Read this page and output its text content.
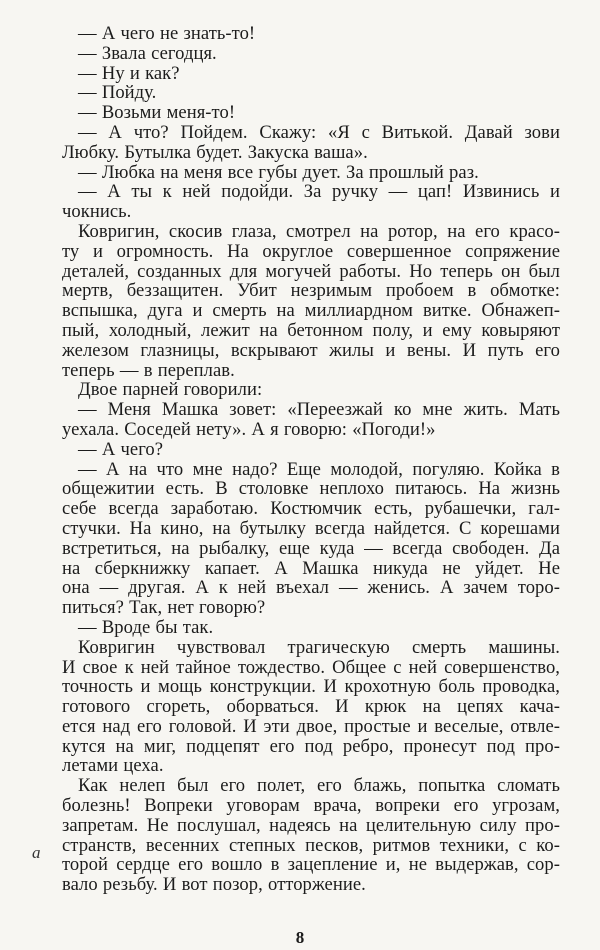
— А чего не знать-то!
— Звала сегодця.
— Ну и как?
— Пойду.
— Возьми меня-то!
— А что? Пойдем. Скажу: «Я с Витькой. Давай зови
Любку. Бутылка будет. Закуска ваша».
— Любка на меня все губы дует. За прошлый раз.
— А ты к ней подойди. За ручку — цап! Извинись и
чокнись.
Ковригин, скосив глаза, смотрел на ротор, на его красо-
ту и огромность. На округлое совершенное сопряжение
деталей, созданных для могучей работы. Но теперь он был
мертв, беззащитен. Убит незримым пробоем в обмотке:
вспышка, дуга и смерть на миллиардном витке. Обнажеп-
пый, холодный, лежит на бетонном полу, и ему ковыряют
железом глазницы, вскрывают жилы и вены. И путь его
теперь — в переплав.
Двое парней говорили:
— Меня Машка зовет: «Переезжай ко мне жить. Мать
уехала. Соседей нету». А я говорю: «Погоди!»
— А чего?
— А на что мне надо? Еще молодой, погуляю. Койка в
общежитии есть. В столовке неплохо питаюсь. На жизнь
себе всегда заработаю. Костюмчик есть, рубашечки, гал-
стучки. На кино, на бутылку всегда найдется. С корешами
встретиться, на рыбалку, еще куда — всегда свободен. Да
на сберкнижку капает. А Машка никуда не уйдет. Не
она — другая. А к ней въехал — женись. А зачем торо-
питься? Так, нет говорю?
— Вроде бы так.
Ковригин чувствовал трагическую смерть машины.
И свое к ней тайное тождество. Общее с ней совершенство,
точность и мощь конструкции. И крохотную боль проводка,
готового сгореть, оборваться. И крюк на цепях кача-
ется над его головой. И эти двое, простые и веселые, отвле-
кутся на миг, подцепят его под ребро, пронесут под про-
летами цеха.
Как нелеп был его полет, его блажь, попытка сломать
болезнь! Вопреки уговорам врача, вопреки его угрозам,
запретам. Не послушал, надеясь на целительную силу про-
странств, весенних степных песков, ритмов техники, с ко-
торой сердце его вошло в зацепление и, не выдержав, сор-
вало резьбу. И вот позор, отторжение.
а
8
